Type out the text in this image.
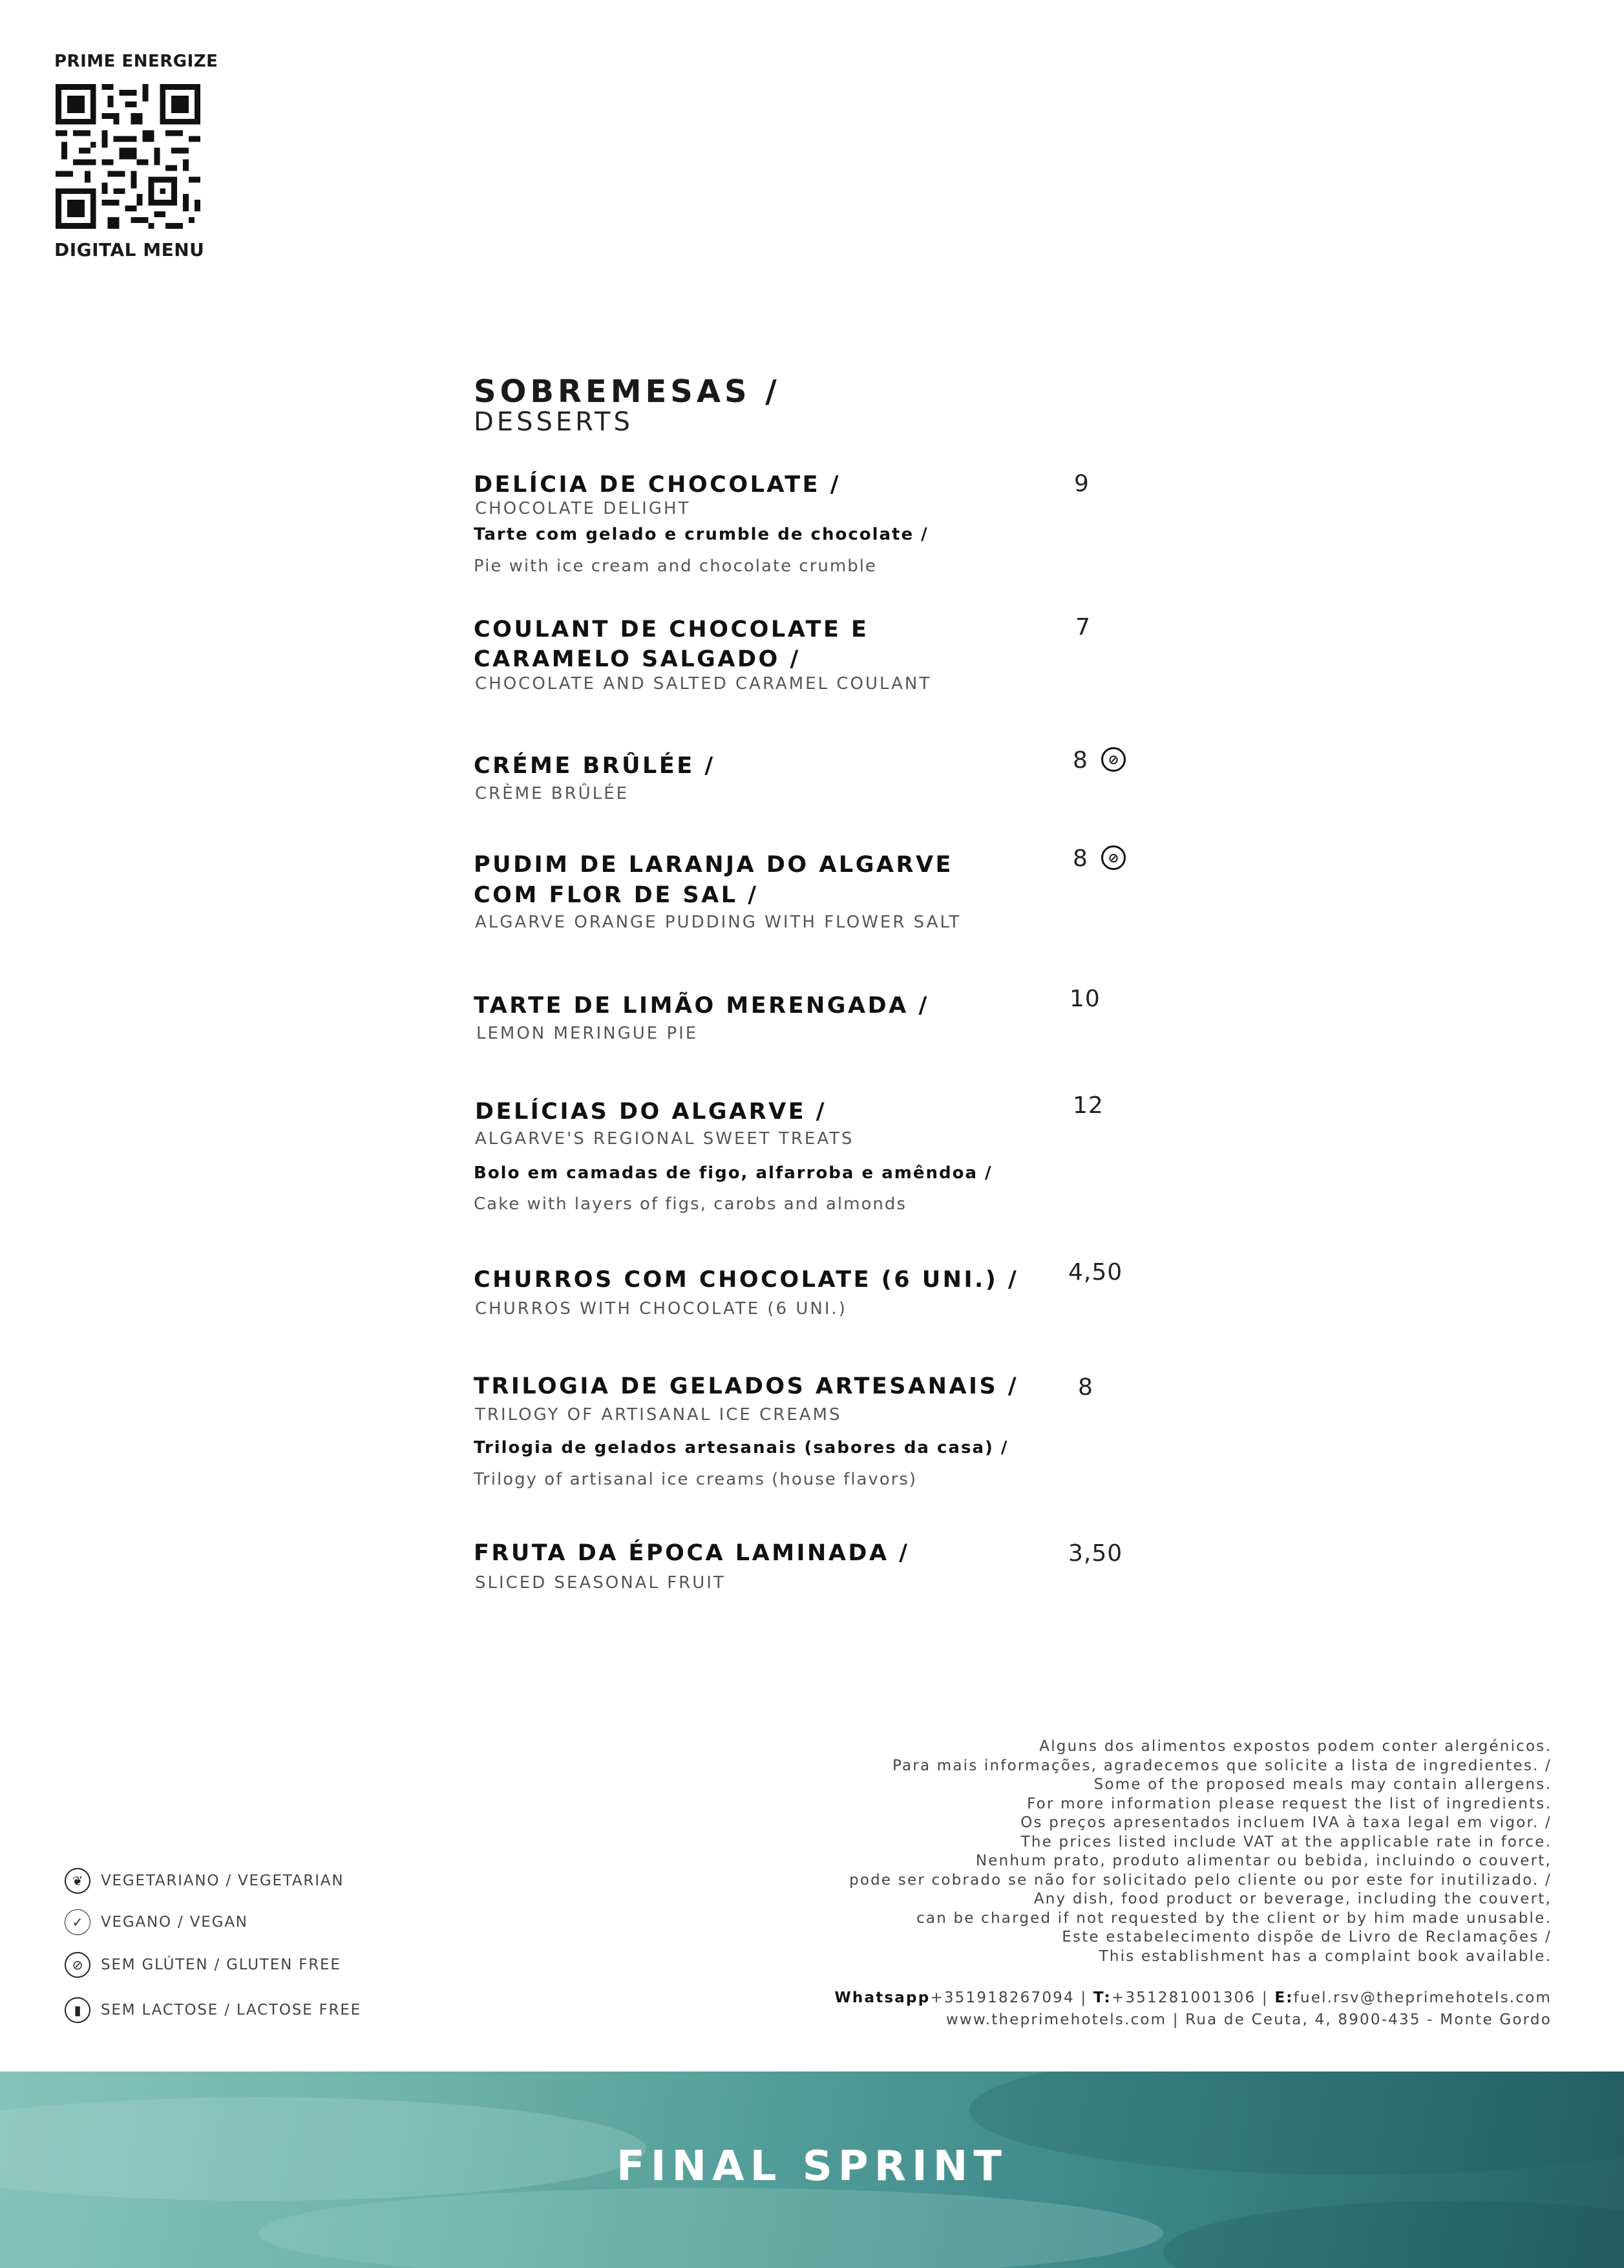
PRIME ENERGIZE
DIGITAL MENU
SOBREMESAS /
DESSERTS
DELÍCIA DE CHOCOLATE /
CHOCOLATE DELIGHT
Tarte com gelado e crumble de chocolate /
Pie with ice cream and chocolate crumble
9
COULANT DE CHOCOLATE E
CARAMELO SALGADO /
CHOCOLATE AND SALTED CARAMEL COULANT
7
CRÉME BRÛLÉE /
CRÈME BRÛLÉE
8	⊘
PUDIM DE LARANJA DO ALGARVE
COM FLOR DE SAL /
ALGARVE ORANGE PUDDING WITH FLOWER SALT
8	⊘
TARTE DE LIMÃO MERENGADA /
LEMON MERINGUE PIE
10
DELÍCIAS DO ALGARVE /
ALGARVE'S REGIONAL SWEET TREATS
Bolo em camadas de figo, alfarroba e amêndoa /
Cake with layers of figs, carobs and almonds
12
CHURROS COM CHOCOLATE (6 UNI.) /
CHURROS WITH CHOCOLATE (6 UNI.)
4,50
TRILOGIA DE GELADOS ARTESANAIS /
TRILOGY OF ARTISANAL ICE CREAMS
Trilogia de gelados artesanais (sabores da casa) /
Trilogy of artisanal ice creams (house flavors)
8
FRUTA DA ÉPOCA LAMINADA /
SLICED SEASONAL FRUIT
3,50
❦	VEGETARIANO / VEGETARIAN
✓	VEGANO / VEGAN
⊘	SEM GLÚTEN / GLUTEN FREE
▮	SEM LACTOSE / LACTOSE FREE
Alguns dos alimentos expostos podem conter alergénicos.
Para mais informações, agradecemos que solicite a lista de ingredientes. /
Some of the proposed meals may contain allergens.
For more information please request the list of ingredients.
Os preços apresentados incluem IVA à taxa legal em vigor. /
The prices listed include VAT at the applicable rate in force.
Nenhum prato, produto alimentar ou bebida, incluindo o couvert,
pode ser cobrado se não for solicitado pelo cliente ou por este for inutilizado. /
Any dish, food product or beverage, including the couvert,
can be charged if not requested by the client or by him made unusable.
Este estabelecimento dispõe de Livro de Reclamações /
This establishment has a complaint book available.
Whatsapp+351918267094 | T:+351281001306 | E:fuel.rsv@theprimehotels.com
www.theprimehotels.com | Rua de Ceuta, 4, 8900-435 - Monte Gordo
FINAL SPRINT
